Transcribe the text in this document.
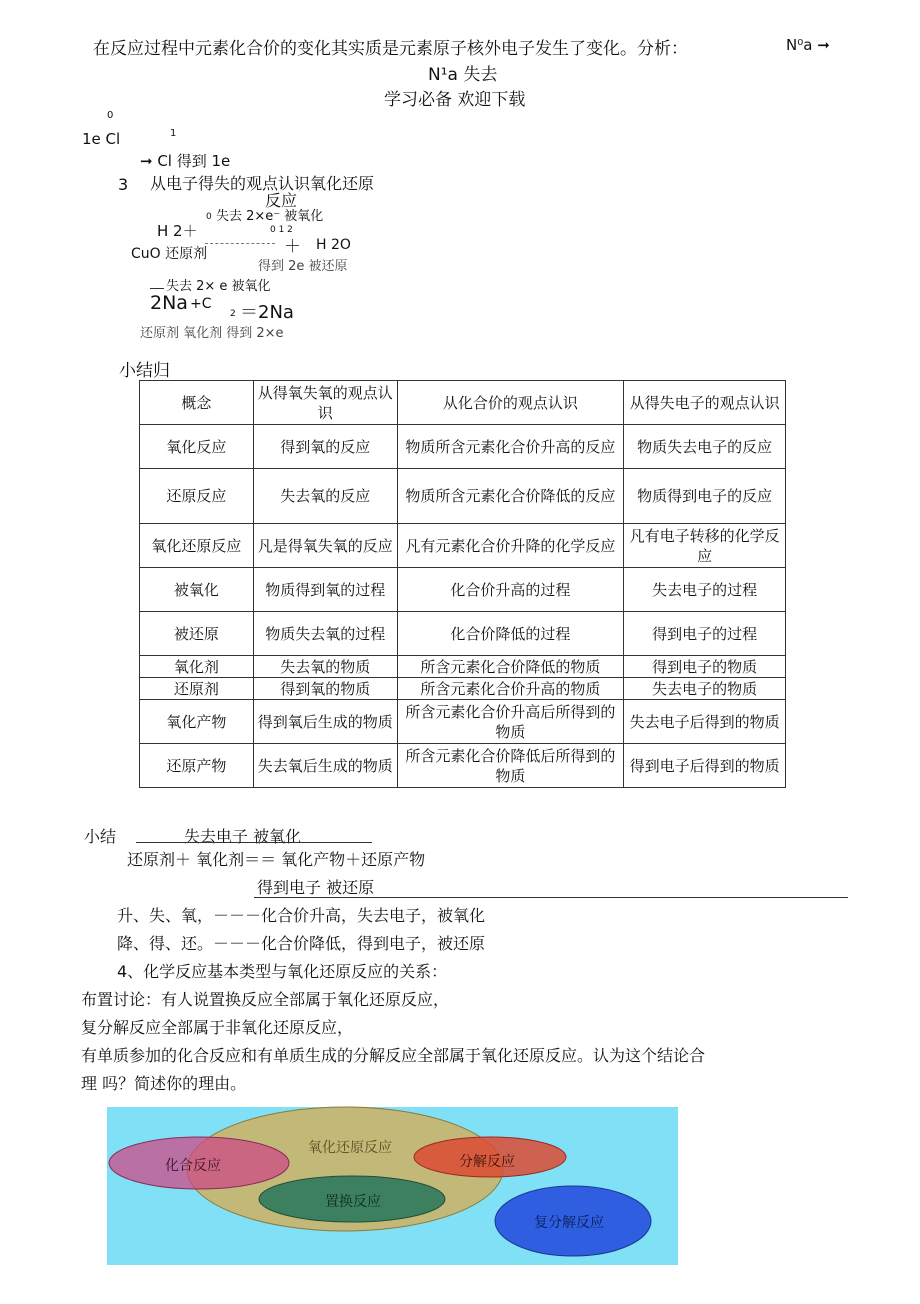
在反应过程中元素化合价的变化其实质是元素原子核外电子发生了变化。分析：	N⁰a ➞
N¹a 失去
学习必备 欢迎下载
0
1e Cl	1
➞ Cl 得到 1e
3 从电子得失的观点认识氧化还原
反应
0 失去 2×e⁻ 被氧化
H 2＋	0 1 2
CuO 还原剂	＋ H 2O
得到 2e 被还原
失去 2× e 被氧化
2Na +C
2 ＝2Na
还原剂 氧化剂 得到 2×e
小结归
概念	从得氧失氧的观点认识	从化合价的观点认识	从得失电子的观点认识
氧化反应	得到氧的反应	物质所含元素化合价升高的反应	物质失去电子的反应
还原反应	失去氧的反应	物质所含元素化合价降低的反应	物质得到电子的反应
氧化还原反应	凡是得氧失氧的反应	凡有元素化合价升降的化学反应	凡有电子转移的化学反应
被氧化	物质得到氧的过程	化合价升高的过程	失去电子的过程
被还原	物质失去氧的过程	化合价降低的过程	得到电子的过程
氧化剂	失去氧的物质	所含元素化合价降低的物质	得到电子的物质
还原剂	得到氧的物质	所含元素化合价升高的物质	失去电子的物质
氧化产物	得到氧后生成的物质	所含元素化合价升高后所得到的物质	失去电子后得到的物质
还原产物	失去氧后生成的物质	所含元素化合价降低后所得到的物质	得到电子后得到的物质
小结	失去电子 被氧化
还原剂＋ 氧化剂＝＝ 氧化产物＋还原产物
得到电子 被还原
升、失、氧，－－－化合价升高，失去电子，被氧化
降、得、还。－－－化合价降低，得到电子，被还原
4、化学反应基本类型与氧化还原反应的关系：
布置讨论：有人说置换反应全部属于氧化还原反应，
复分解反应全部属于非氧化还原反应，
有单质参加的化合反应和有单质生成的分解反应全部属于氧化还原反应。认为这个结论合
理 吗？简述你的理由。
氧化还原反应
化合反应	分解反应
置换反应
复分解反应
